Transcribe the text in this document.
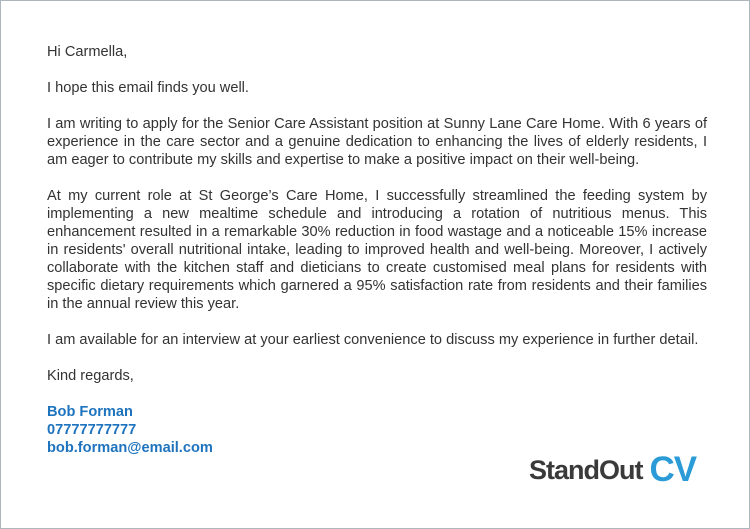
Hi Carmella,

I hope this email finds you well.

I am writing to apply for the Senior Care Assistant position at Sunny Lane Care Home. With 6 years of experience in the care sector and a genuine dedication to enhancing the lives of elderly residents, I am eager to contribute my skills and expertise to make a positive impact on their well-being.

At my current role at St George’s Care Home, I successfully streamlined the feeding system by implementing a new mealtime schedule and introducing a rotation of nutritious menus. This enhancement resulted in a remarkable 30% reduction in food wastage and a noticeable 15% increase in residents' overall nutritional intake, leading to improved health and well-being. Moreover, I actively collaborate with the kitchen staff and dieticians to create customised meal plans for residents with specific dietary requirements which garnered a 95% satisfaction rate from residents and their families in the annual review this year.

I am available for an interview at your earliest convenience to discuss my experience in further detail.

Kind regards,

Bob Forman
07777777777
bob.forman@email.com
StandOut CV
